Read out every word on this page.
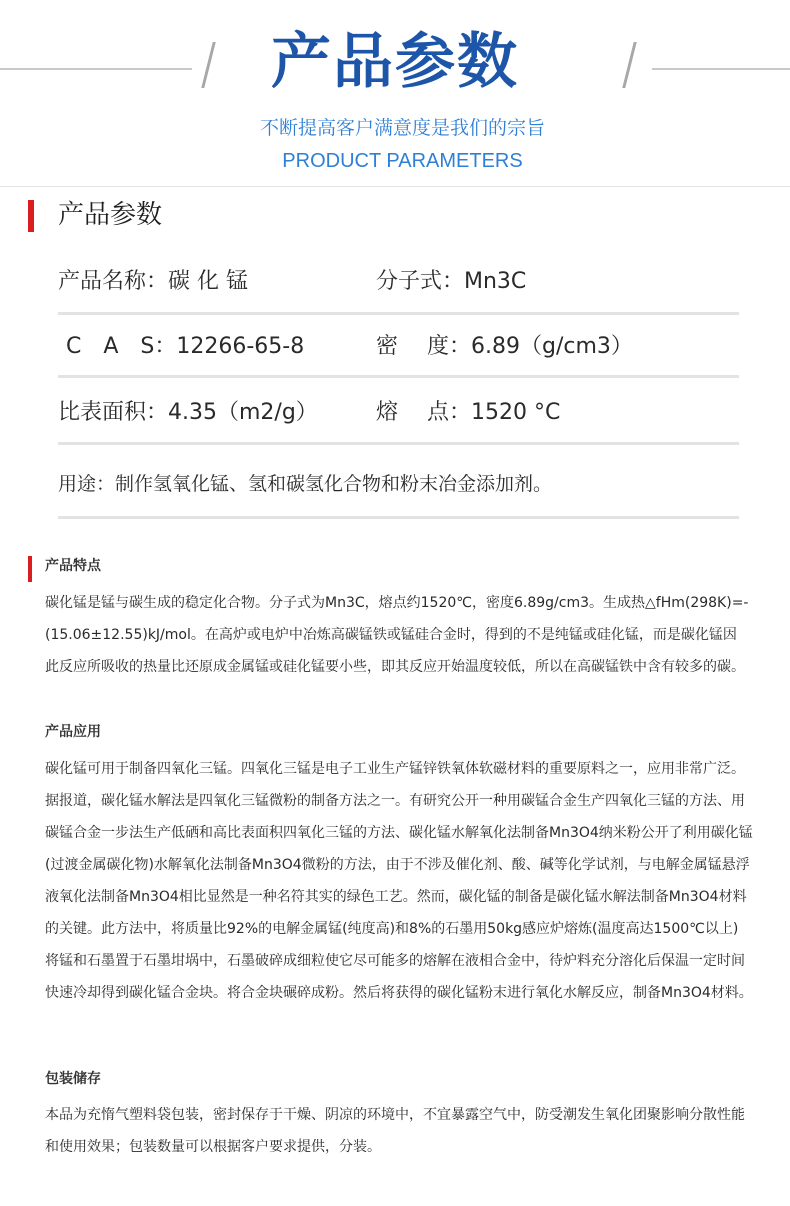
产品参数
不断提高客户满意度是我们的宗旨
PRODUCT PARAMETERS
产品参数
产品名称：碳 化 锰	分子式：Mn3C
C　A　S：12266-65-8	密　 度：6.89（g/cm3）
比表面积：4.35（m2/g）	熔　 点：1520 °C
用途：制作氢氧化锰、氢和碳氢化合物和粉末冶金添加剂。
产品特点

碳化锰是锰与碳生成的稳定化合物。分子式为Mn3C，熔点约1520℃，密度6.89g/cm3。生成热△fHm(298K)=-
(15.06±12.55)kJ/mol。在高炉或电炉中冶炼高碳锰铁或锰硅合金时，得到的不是纯锰或硅化锰，而是碳化锰因
此反应所吸收的热量比还原成金属锰或硅化锰要小些，即其反应开始温度较低，所以在高碳锰铁中含有较多的碳。

产品应用

碳化锰可用于制备四氧化三锰。四氧化三锰是电子工业生产锰锌铁氧体软磁材料的重要原料之一，应用非常广泛。
据报道，碳化锰水解法是四氧化三锰微粉的制备方法之一。有研究公开一种用碳锰合金生产四氧化三锰的方法、用
碳锰合金一步法生产低硒和高比表面积四氧化三锰的方法、碳化锰水解氧化法制备Mn3O4纳米粉公开了利用碳化锰
(过渡金属碳化物)水解氧化法制备Mn3O4微粉的方法，由于不涉及催化剂、酸、碱等化学试剂，与电解金属锰悬浮
液氧化法制备Mn3O4相比显然是一种名符其实的绿色工艺。然而，碳化锰的制备是碳化锰水解法制备Mn3O4材料
的关键。此方法中，将质量比92%的电解金属锰(纯度高)和8%的石墨用50kg感应炉熔炼(温度高达1500℃以上)
将锰和石墨置于石墨坩埚中，石墨破碎成细粒使它尽可能多的熔解在液相合金中，待炉料充分溶化后保温一定时间
快速冷却得到碳化锰合金块。将合金块碾碎成粉。然后将获得的碳化锰粉末进行氧化水解反应，制备Mn3O4材料。

包装储存

本品为充惰气塑料袋包装，密封保存于干燥、阴凉的环境中，不宜暴露空气中，防受潮发生氧化团聚影响分散性能
和使用效果；包装数量可以根据客户要求提供，分装。
